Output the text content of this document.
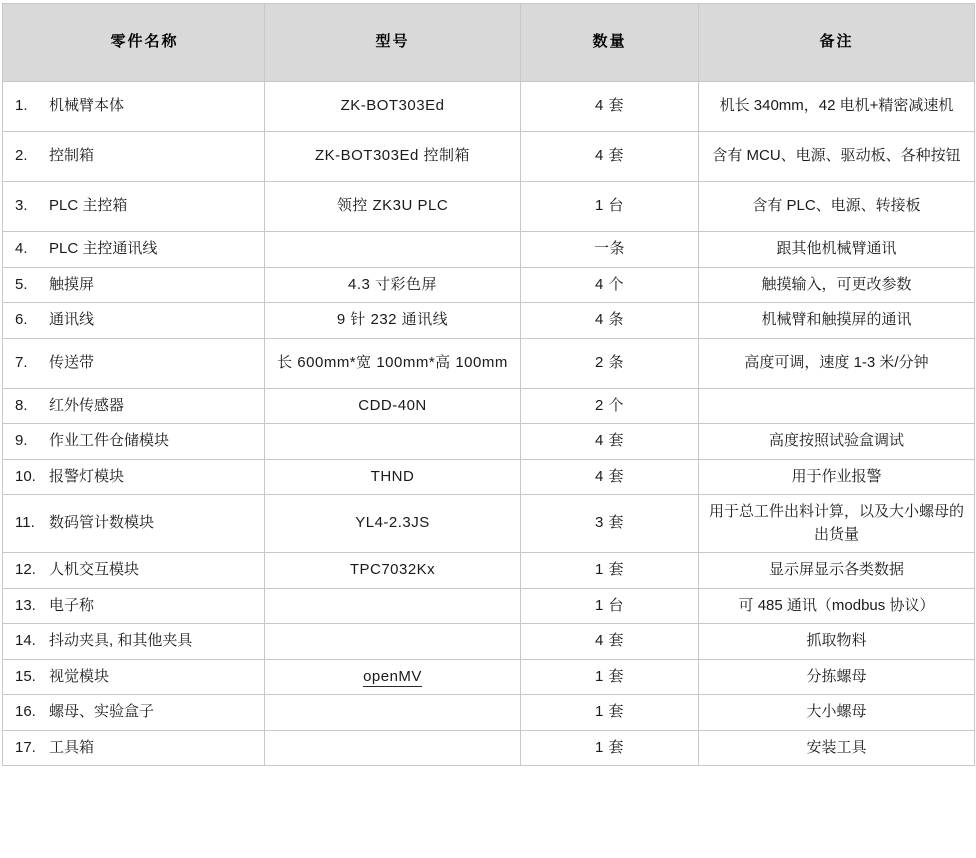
零件名称	型号	数量	备注
1. 机械臂本体	ZK-BOT303Ed	4 套	机长 340mm，42 电机+精密减速机
2. 控制箱	ZK-BOT303Ed 控制箱	4 套	含有 MCU、电源、驱动板、各种按钮
3. PLC 主控箱	领控 ZK3U PLC	1 台	含有 PLC、电源、转接板
4. PLC 主控通讯线		一条	跟其他机械臂通讯
5. 触摸屏	4.3 寸彩色屏	4 个	触摸输入，可更改参数
6. 通讯线	9 针 232 通讯线	4 条	机械臂和触摸屏的通讯
7. 传送带	长 600mm*宽 100mm*高 100mm	2 条	高度可调，速度 1-3 米/分钟
8. 红外传感器	CDD-40N	2 个	
9. 作业工件仓储模块		4 套	高度按照试验盒调试
10. 报警灯模块	THND	4 套	用于作业报警
11. 数码管计数模块	YL4-2.3JS	3 套	用于总工件出料计算，以及大小螺母的出货量
12. 人机交互模块	TPC7032Kx	1 套	显示屏显示各类数据
13. 电子称		1 台	可 485 通讯（modbus 协议）
14. 抖动夹具, 和其他夹具		4 套	抓取物料
15. 视觉模块	openMV	1 套	分拣螺母
16. 螺母、实验盒子		1 套	大小螺母
17. 工具箱		1 套	安装工具
